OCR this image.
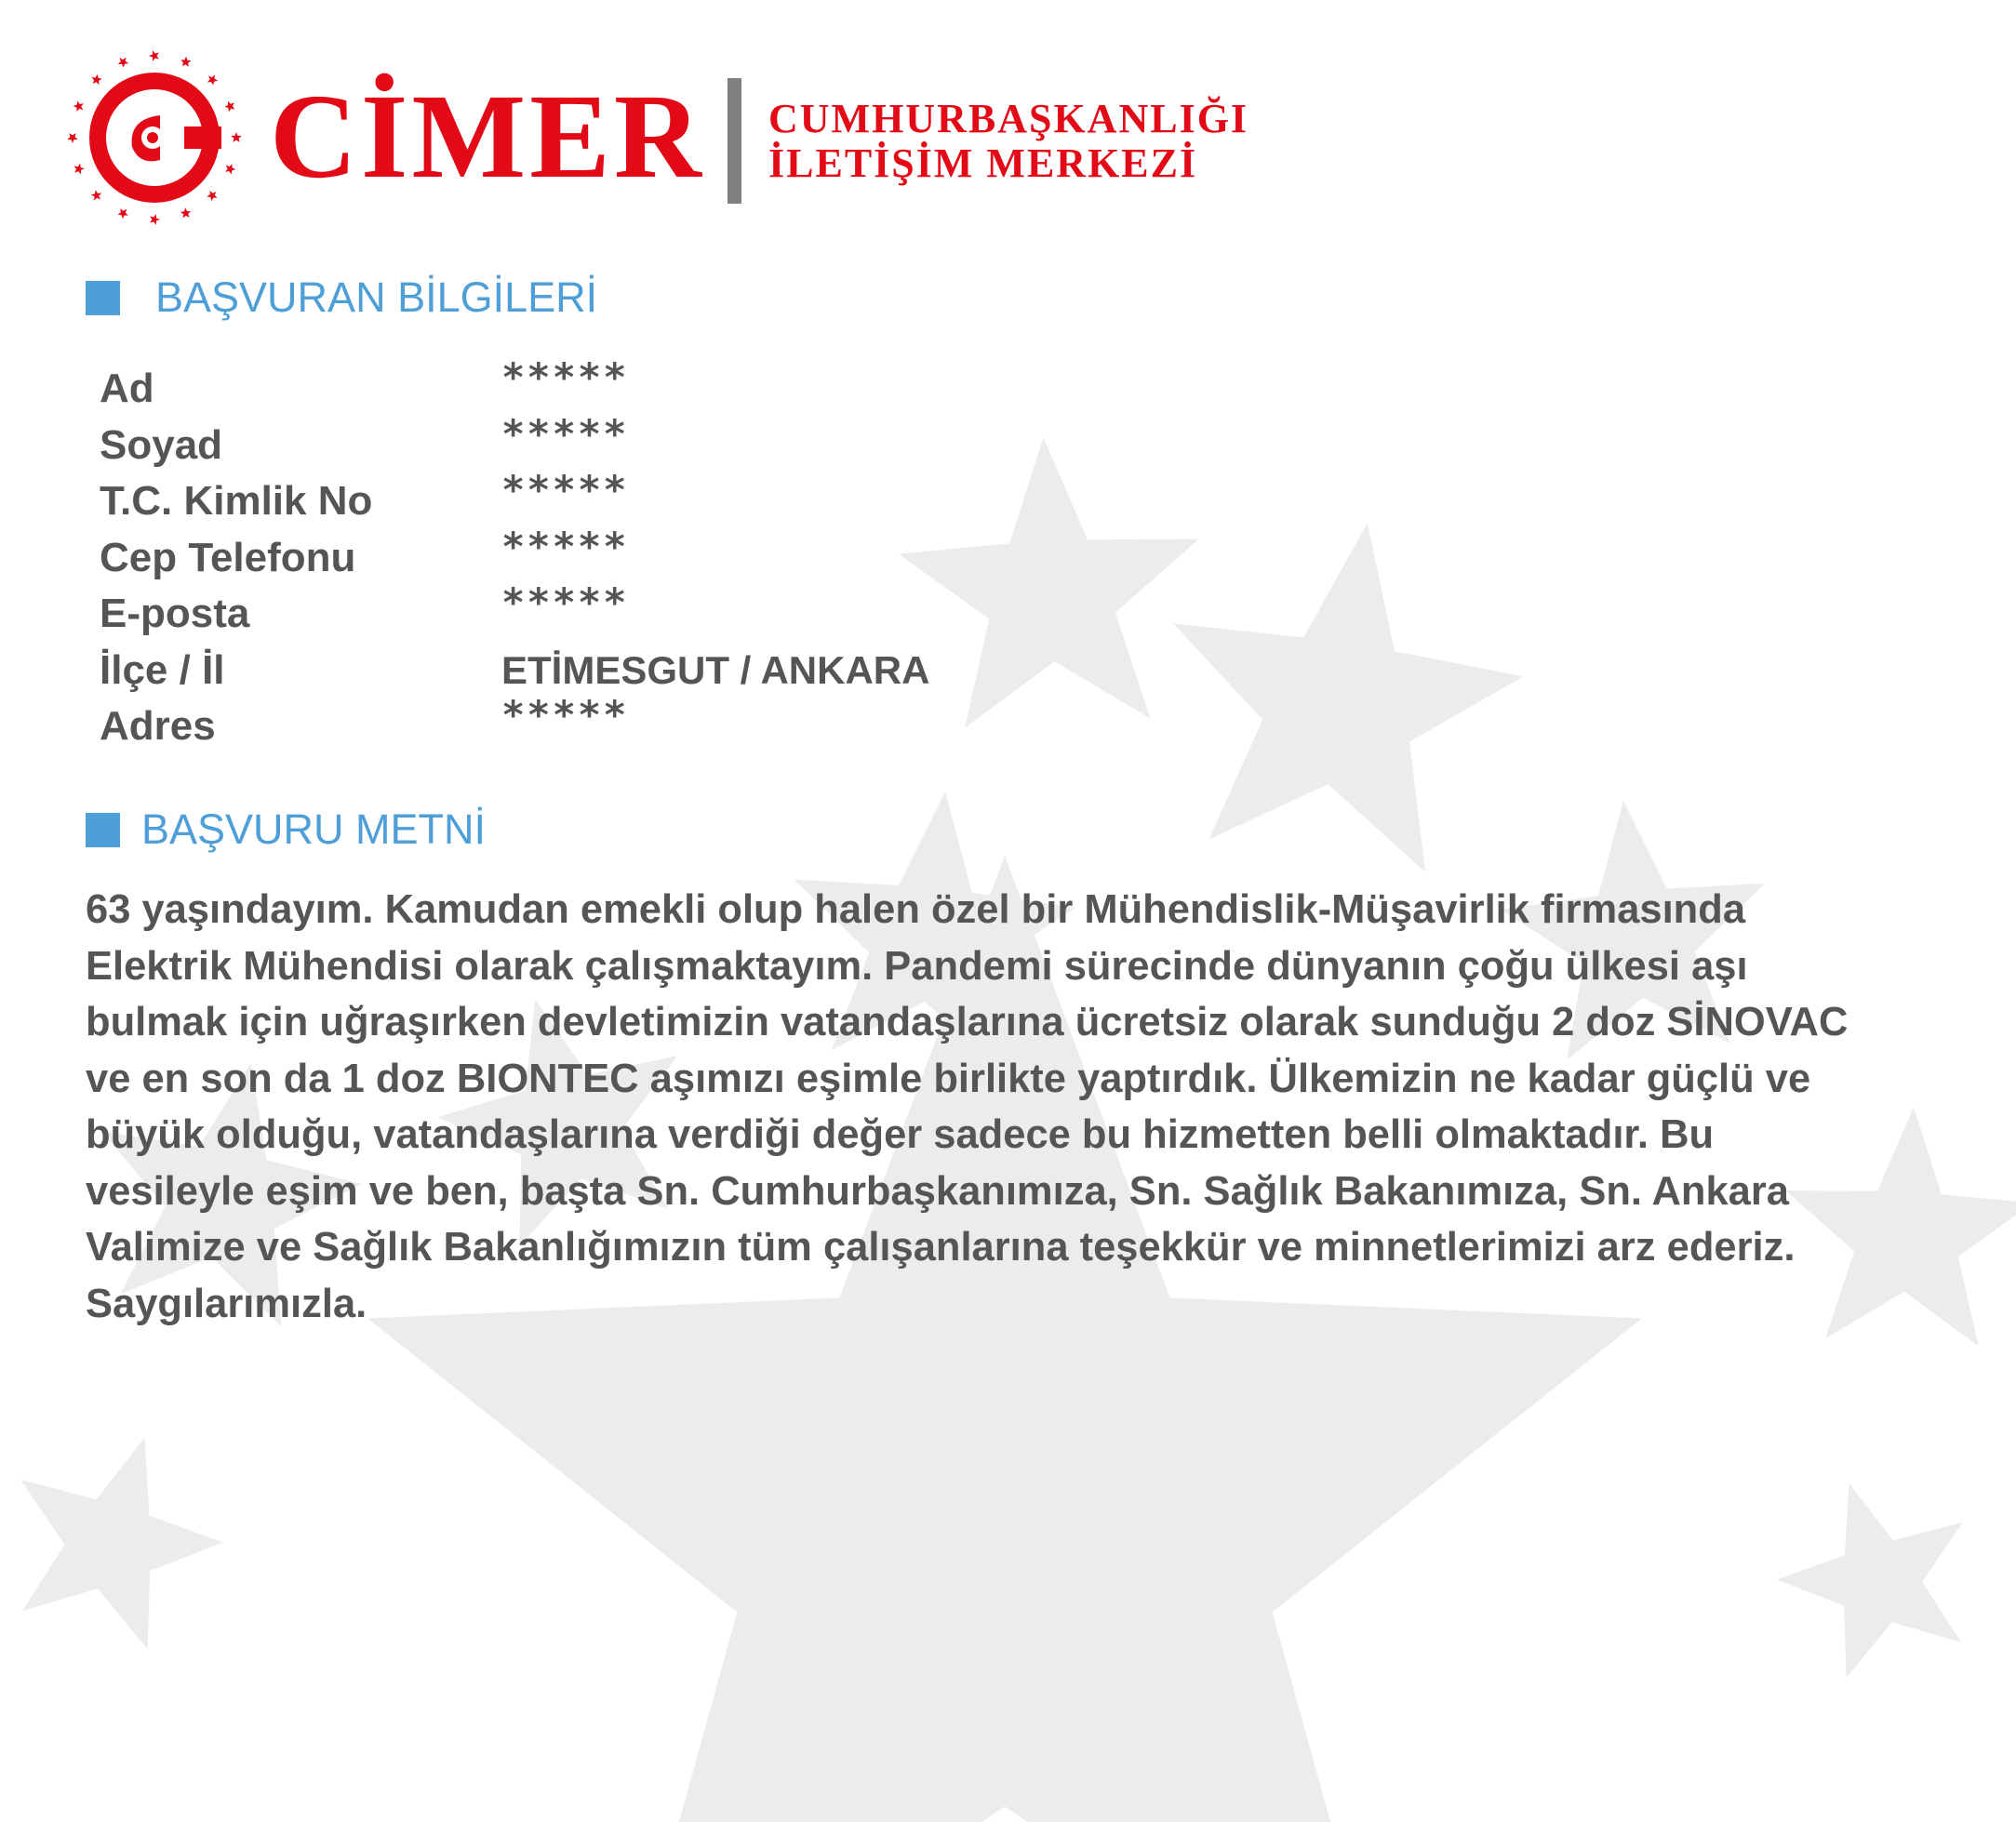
CİMER CUMHURBAŞKANLIĞI
İLETİŞİM MERKEZİ
BAŞVURAN BİLGİLERİ
Ad	*****
Soyad	*****
T.C. Kimlik No	*****
Cep Telefonu	*****
E-posta	*****
İlçe / İl	ETİMESGUT / ANKARA
Adres	*****
BAŞVURU METNİ
63 yaşındayım. Kamudan emekli olup halen özel bir Mühendislik-Müşavirlik firmasında
Elektrik Mühendisi olarak çalışmaktayım. Pandemi sürecinde dünyanın çoğu ülkesi aşı
bulmak için uğraşırken devletimizin vatandaşlarına ücretsiz olarak sunduğu 2 doz SİNOVAC
ve en son da 1 doz BIONTEC aşımızı eşimle birlikte yaptırdık. Ülkemizin ne kadar güçlü ve
büyük olduğu, vatandaşlarına verdiği değer sadece bu hizmetten belli olmaktadır. Bu
vesileyle eşim ve ben, başta Sn. Cumhurbaşkanımıza, Sn. Sağlık Bakanımıza, Sn. Ankara
Valimize ve Sağlık Bakanlığımızın tüm çalışanlarına teşekkür ve minnetlerimizi arz ederiz.
Saygılarımızla.
